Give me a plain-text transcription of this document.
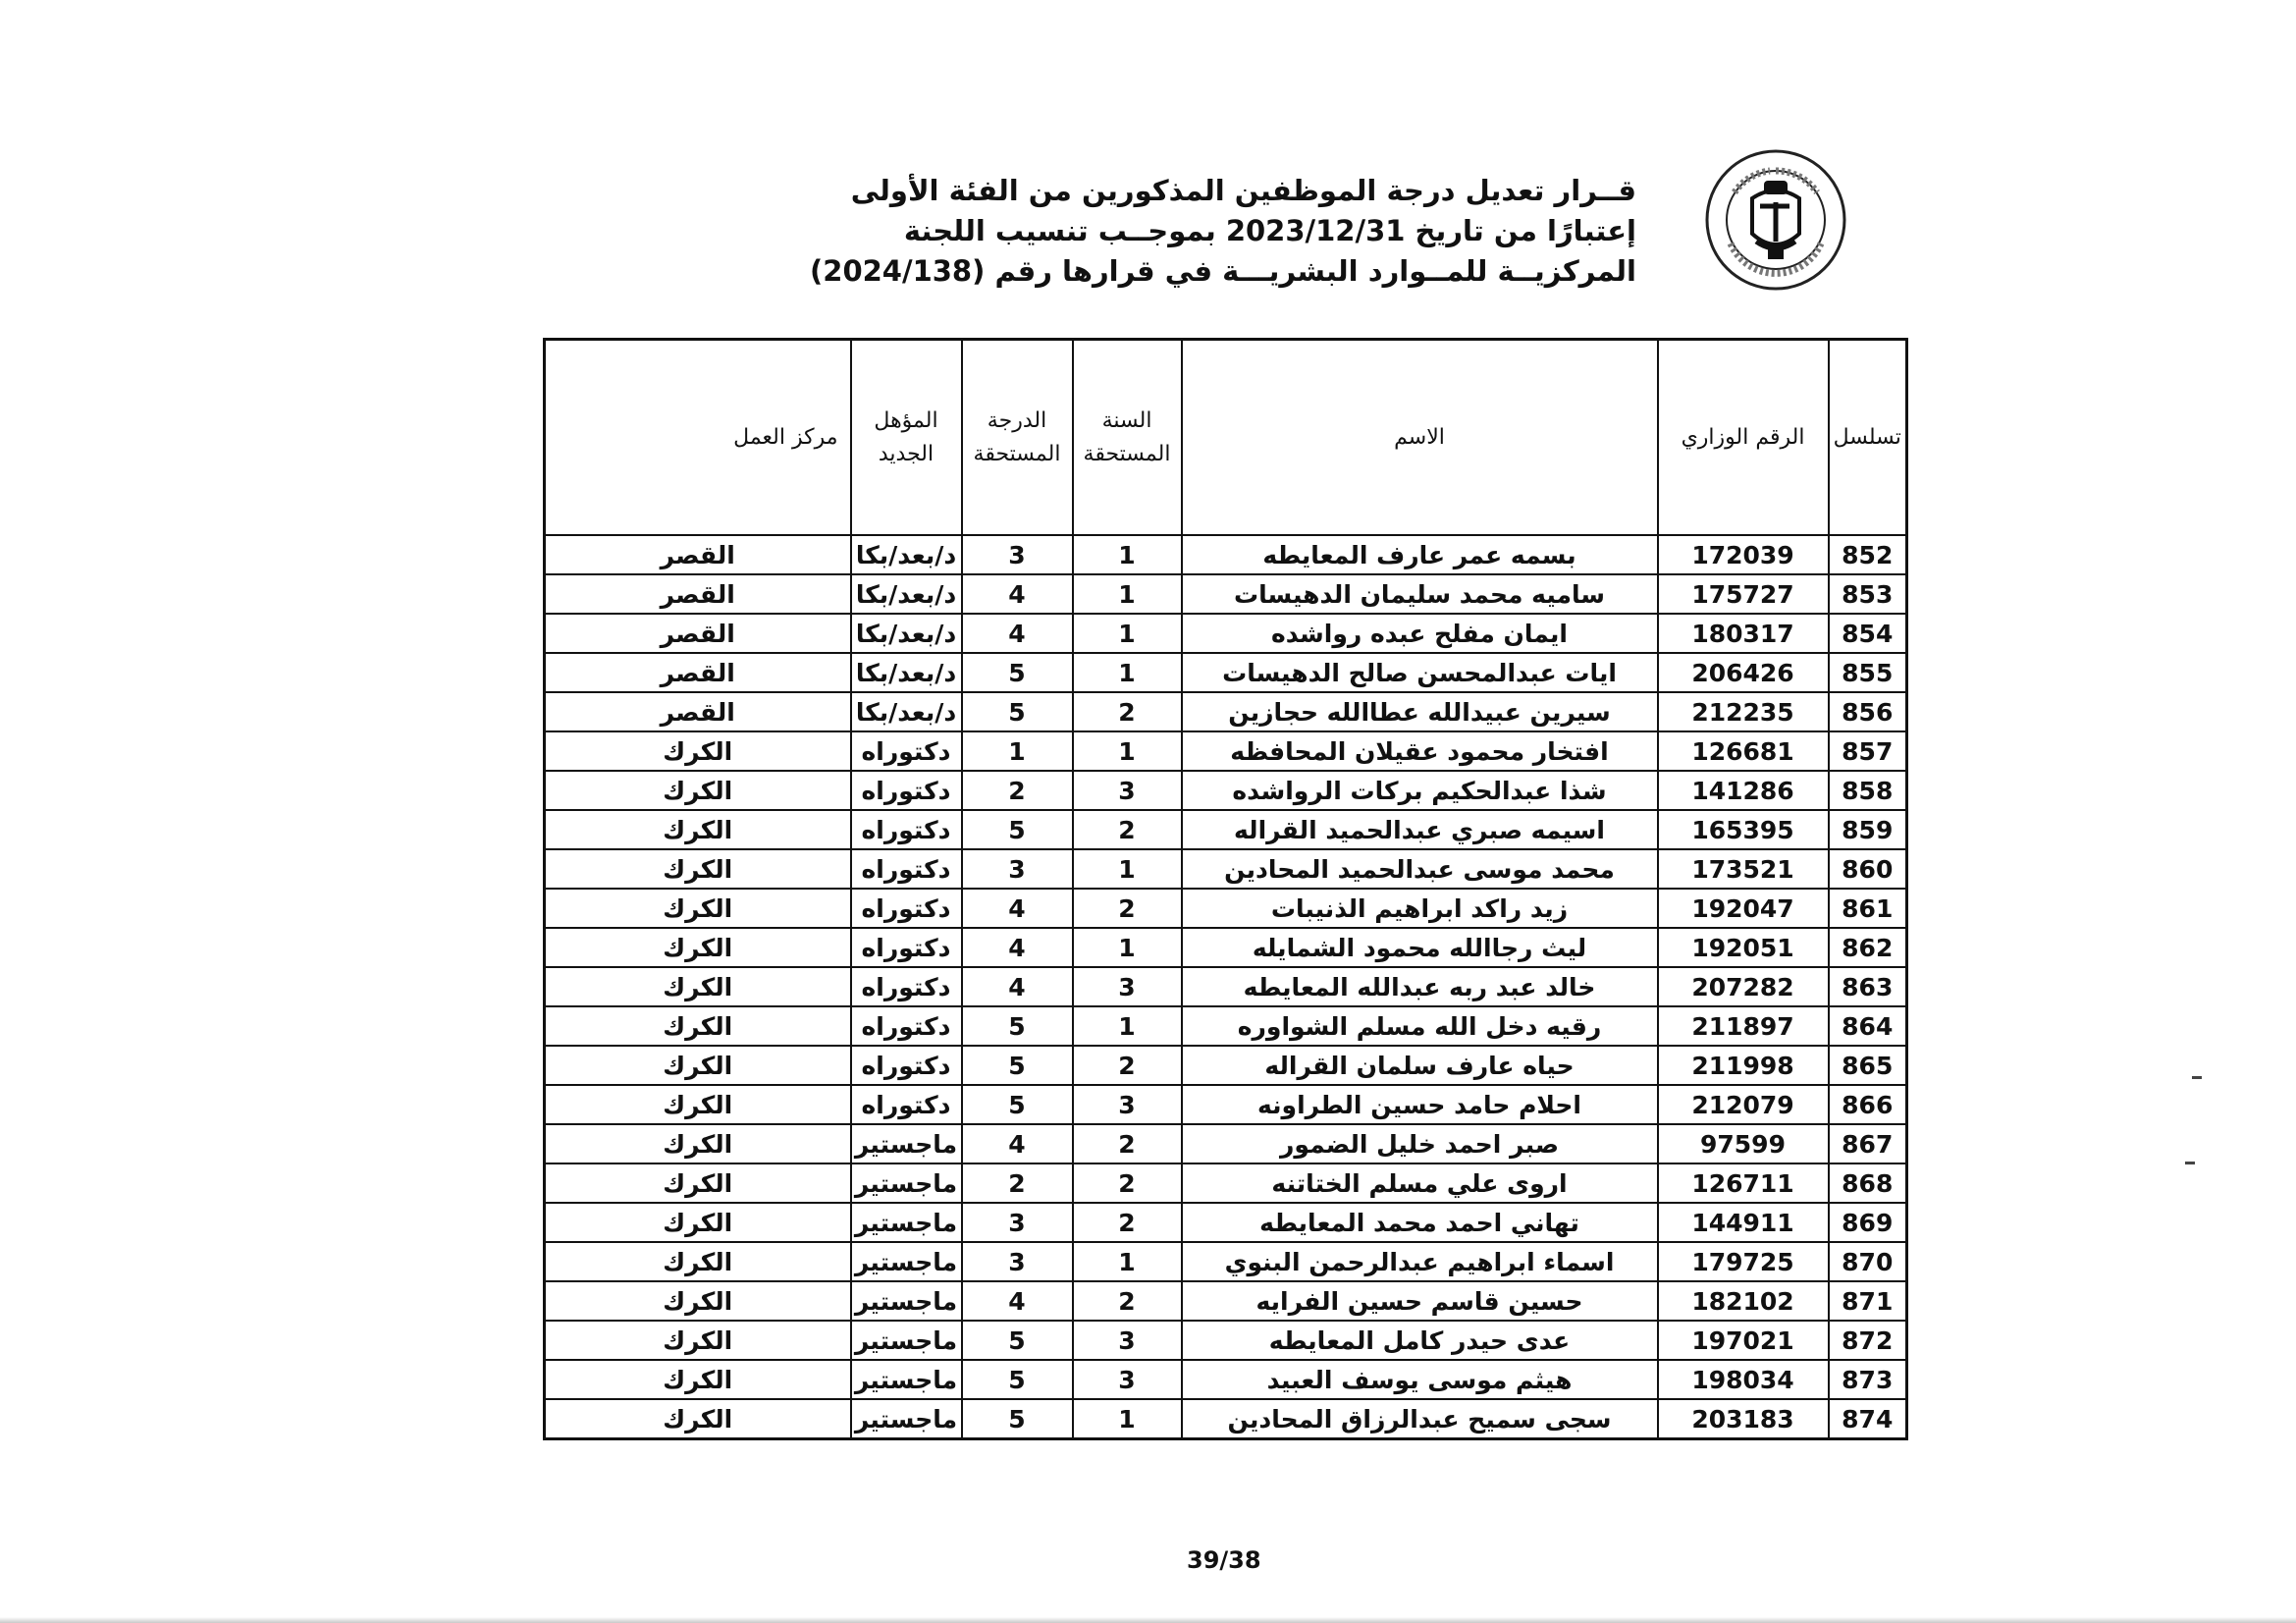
قــرار تعديل درجة الموظفين المذكورين من الفئة الأولى
إعتبارًا من تاريخ 2023/12/31 بموجــب تنسيب اللجنة
المركزيــة للمــوارد البشريـــة في قرارها رقم (2024/138)
تسلسل	الرقم الوزاري	الاسم	السنة المستحقة	الدرجة المستحقة	المؤهل الجديد	مركز العمل
852	172039	بسمه عمر عارف المعايطه	1	3	د/بعد/بكا	القصر
853	175727	ساميه محمد سليمان الدهيسات	1	4	د/بعد/بكا	القصر
854	180317	ايمان مفلح عبده رواشده	1	4	د/بعد/بكا	القصر
855	206426	ايات عبدالمحسن صالح الدهيسات	1	5	د/بعد/بكا	القصر
856	212235	سيرين عبيدالله عطاالله حجازين	2	5	د/بعد/بكا	القصر
857	126681	افتخار محمود عقيلان المحافظه	1	1	دكتوراه	الكرك
858	141286	شذا عبدالحكيم بركات الرواشده	3	2	دكتوراه	الكرك
859	165395	اسيمه صبري عبدالحميد القراله	2	5	دكتوراه	الكرك
860	173521	محمد موسى عبدالحميد المحادين	1	3	دكتوراه	الكرك
861	192047	زيد راكد ابراهيم الذنيبات	2	4	دكتوراه	الكرك
862	192051	ليث رجاالله محمود الشمايله	1	4	دكتوراه	الكرك
863	207282	خالد عبد ربه عبدالله المعايطه	3	4	دكتوراه	الكرك
864	211897	رقيه دخل الله مسلم الشواوره	1	5	دكتوراه	الكرك
865	211998	حياه عارف سلمان القراله	2	5	دكتوراه	الكرك
866	212079	احلام حامد حسين الطراونه	3	5	دكتوراه	الكرك
867	97599	صبر احمد خليل الضمور	2	4	ماجستير	الكرك
868	126711	اروى علي مسلم الختاتنه	2	2	ماجستير	الكرك
869	144911	تهاني احمد محمد المعايطه	2	3	ماجستير	الكرك
870	179725	اسماء ابراهيم عبدالرحمن البنوي	1	3	ماجستير	الكرك
871	182102	حسين قاسم حسين الفرايه	2	4	ماجستير	الكرك
872	197021	عدى حيدر كامل المعايطه	3	5	ماجستير	الكرك
873	198034	هيثم موسى يوسف العبيد	3	5	ماجستير	الكرك
874	203183	سجى سميح عبدالرزاق المحادين	1	5	ماجستير	الكرك
39/38
